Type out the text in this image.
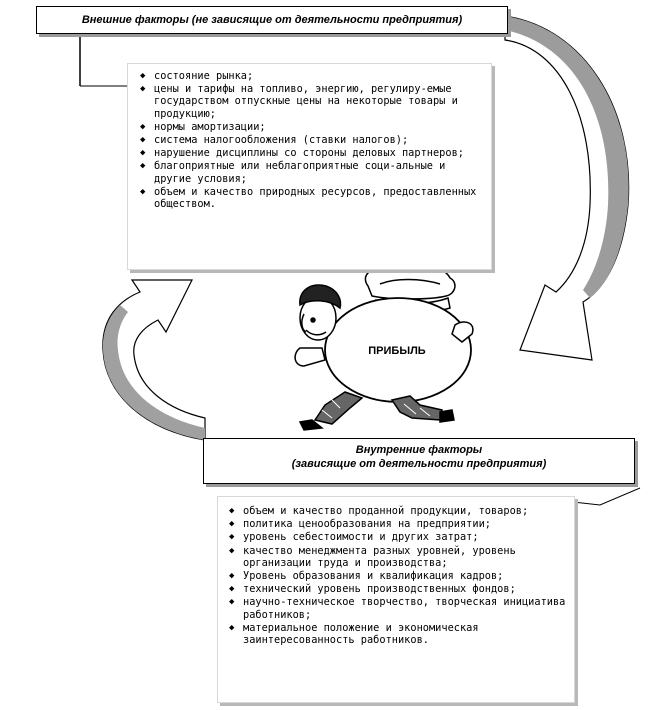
ПРИБЫЛЬ
Внешние факторы (не зависящие от деятельности предприятия)
◆ состояние рынка;
◆ цены и тарифы на топливо, энергию, регулиру-емые государством отпускные цены на некоторые товары и продукцию;
◆ нормы амортизации;
◆ система налогообложения (ставки налогов);
◆ нарушение дисциплины со стороны деловых партнеров;
◆ благоприятные или неблагоприятные соци-альные и другие условия;
◆ объем и качество природных ресурсов, предоставленных обществом.
Внутренние факторы
(зависящие от деятельности предприятия)
◆ объем и качество проданной продукции, товаров;
◆ политика ценообразования на предприятии;
◆ уровень себестоимости и других затрат;
◆ качество менеджмента разных уровней, уровень организации труда и производства;
◆ Уровень образования и квалификация кадров;
◆ технический уровень производственных фондов;
◆ научно-техническое творчество, творческая инициатива работников;
◆ материальное положение и экономическая заинтересованность работников.
